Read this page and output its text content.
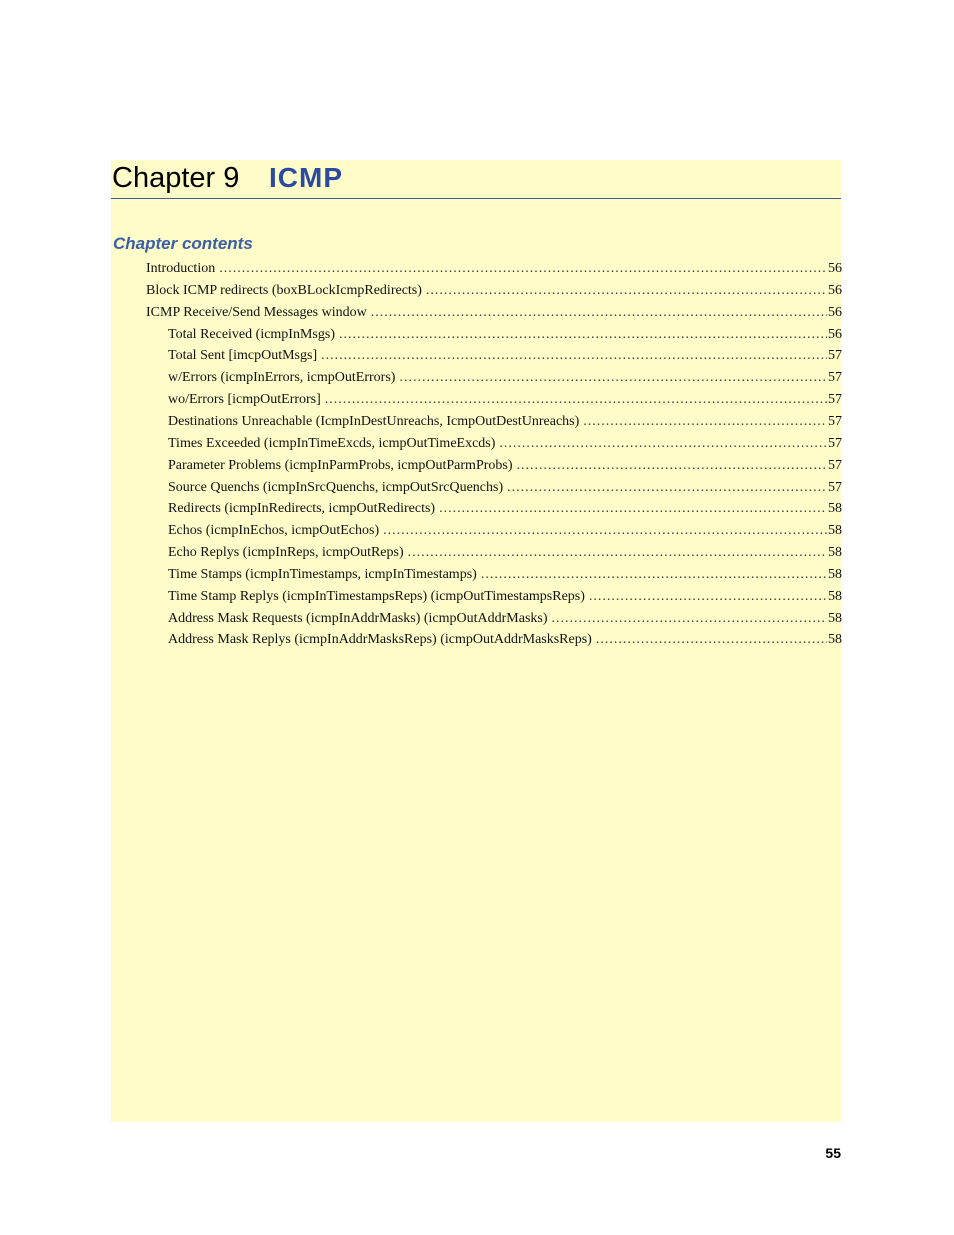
Chapter 9 ICMP
Chapter contents
Introduction .....	56
Block ICMP redirects (boxBLockIcmpRedirects) .....	56
ICMP Receive/Send Messages window .....	56
Total Received (icmpInMsgs) .....	56
Total Sent [imcpOutMsgs] .....	57
w/Errors (icmpInErrors, icmpOutErrors) .....	57
wo/Errors [icmpOutErrors] .....	57
Destinations Unreachable (IcmpInDestUnreachs, IcmpOutDestUnreachs) .....	57
Times Exceeded (icmpInTimeExcds, icmpOutTimeExcds) .....	57
Parameter Problems (icmpInParmProbs, icmpOutParmProbs) .....	57
Source Quenchs (icmpInSrcQuenchs, icmpOutSrcQuenchs) .....	57
Redirects (icmpInRedirects, icmpOutRedirects) .....	58
Echos (icmpInEchos, icmpOutEchos) .....	58
Echo Replys (icmpInReps, icmpOutReps) .....	58
Time Stamps (icmpInTimestamps, icmpInTimestamps) .....	58
Time Stamp Replys (icmpInTimestampsReps) (icmpOutTimestampsReps) .....	58
Address Mask Requests (icmpInAddrMasks) (icmpOutAddrMasks) .....	58
Address Mask Replys (icmpInAddrMasksReps) (icmpOutAddrMasksReps) .....	58
55
